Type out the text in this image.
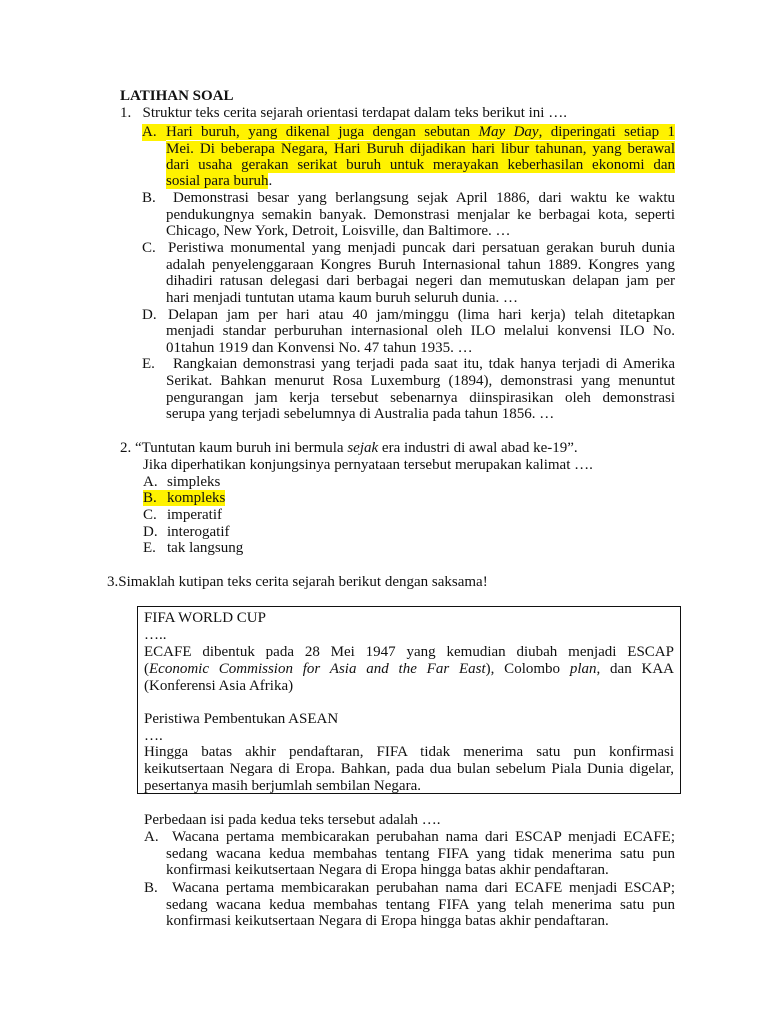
LATIHAN SOAL
1. Struktur teks cerita sejarah orientasi terdapat dalam teks berikut ini ….
A. Hari buruh, yang dikenal juga dengan sebutan May Day, diperingati setiap 1
Mei. Di beberapa Negara, Hari Buruh dijadikan hari libur tahunan, yang berawal
dari usaha gerakan serikat buruh untuk merayakan keberhasilan ekonomi dan
sosial para buruh.
B. Demonstrasi besar yang berlangsung sejak April 1886, dari waktu ke waktu
pendukungnya semakin banyak. Demonstrasi menjalar ke berbagai kota, seperti
Chicago, New York, Detroit, Loisville, dan Baltimore. …
C. Peristiwa monumental yang menjadi puncak dari persatuan gerakan buruh dunia
adalah penyelenggaraan Kongres Buruh Internasional tahun 1889. Kongres yang
dihadiri ratusan delegasi dari berbagai negeri dan memutuskan delapan jam per
hari menjadi tuntutan utama kaum buruh seluruh dunia. …
D. Delapan jam per hari atau 40 jam/minggu (lima hari kerja) telah ditetapkan
menjadi standar perburuhan internasional oleh ILO melalui konvensi ILO No.
01tahun 1919 dan Konvensi No. 47 tahun 1935. …
E. Rangkaian demonstrasi yang terjadi pada saat itu, tdak hanya terjadi di Amerika
Serikat. Bahkan menurut Rosa Luxemburg (1894), demonstrasi yang menuntut
pengurangan jam kerja tersebut sebenarnya diinspirasikan oleh demonstrasi
serupa yang terjadi sebelumnya di Australia pada tahun 1856. …
2. “Tuntutan kaum buruh ini bermula sejak era industri di awal abad ke-19”.
Jika diperhatikan konjungsinya pernyataan tersebut merupakan kalimat ….
A. simpleks
B. kompleks
C. imperatif
D. interogatif
E. tak langsung
3.Simaklah kutipan teks cerita sejarah berikut dengan saksama!
FIFA WORLD CUP
…..
ECAFE dibentuk pada 28 Mei 1947 yang kemudian diubah menjadi ESCAP
(Economic Commission for Asia and the Far East), Colombo plan, dan KAA
(Konferensi Asia Afrika)
Peristiwa Pembentukan ASEAN
….
Hingga batas akhir pendaftaran, FIFA tidak menerima satu pun konfirmasi
keikutsertaan Negara di Eropa. Bahkan, pada dua bulan sebelum Piala Dunia digelar,
pesertanya masih berjumlah sembilan Negara.
Perbedaan isi pada kedua teks tersebut adalah ….
A. Wacana pertama membicarakan perubahan nama dari ESCAP menjadi ECAFE;
sedang wacana kedua membahas tentang FIFA yang tidak menerima satu pun
konfirmasi keikutsertaan Negara di Eropa hingga batas akhir pendaftaran.
B. Wacana pertama membicarakan perubahan nama dari ECAFE menjadi ESCAP;
sedang wacana kedua membahas tentang FIFA yang telah menerima satu pun
konfirmasi keikutsertaan Negara di Eropa hingga batas akhir pendaftaran.
